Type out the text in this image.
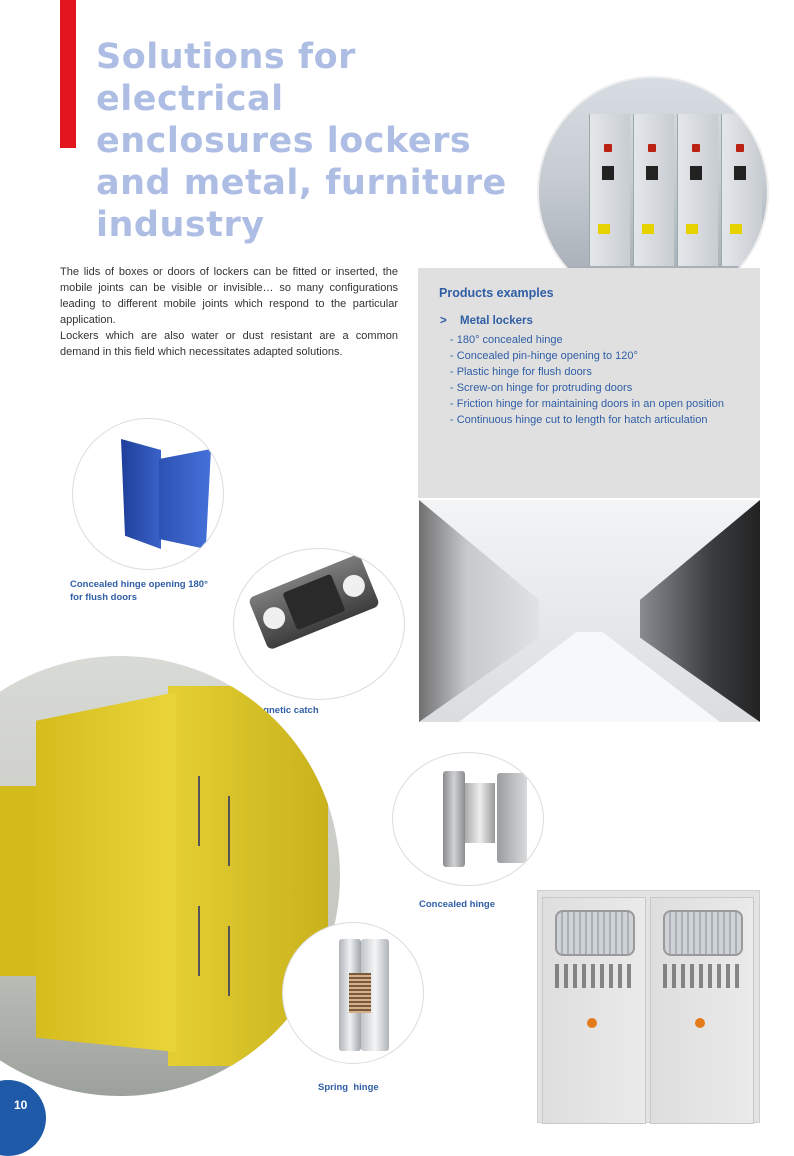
Solutions for electrical
enclosures lockers
and metal, furniture
industry

The lids of boxes or doors of lockers can be fitted or inserted, the mobile joints can be visible or invisible… so many configurations leading to different mobile joints which respond to the particular application.

Lockers which are also water or dust resistant are a common demand in this field which necessitates adapted solutions.

Products examples
> Metal lockers
- 180° concealed hinge
- Concealed pin-hinge opening to 120°
- Plastic hinge for flush doors
- Screw-on hinge for protruding doors
- Friction hinge for maintaining doors in an open position
- Continuous hinge cut to length for hatch articulation
Concealed hinge opening 180° for flush doors
Concealed hinge
Spring  hinge
10
